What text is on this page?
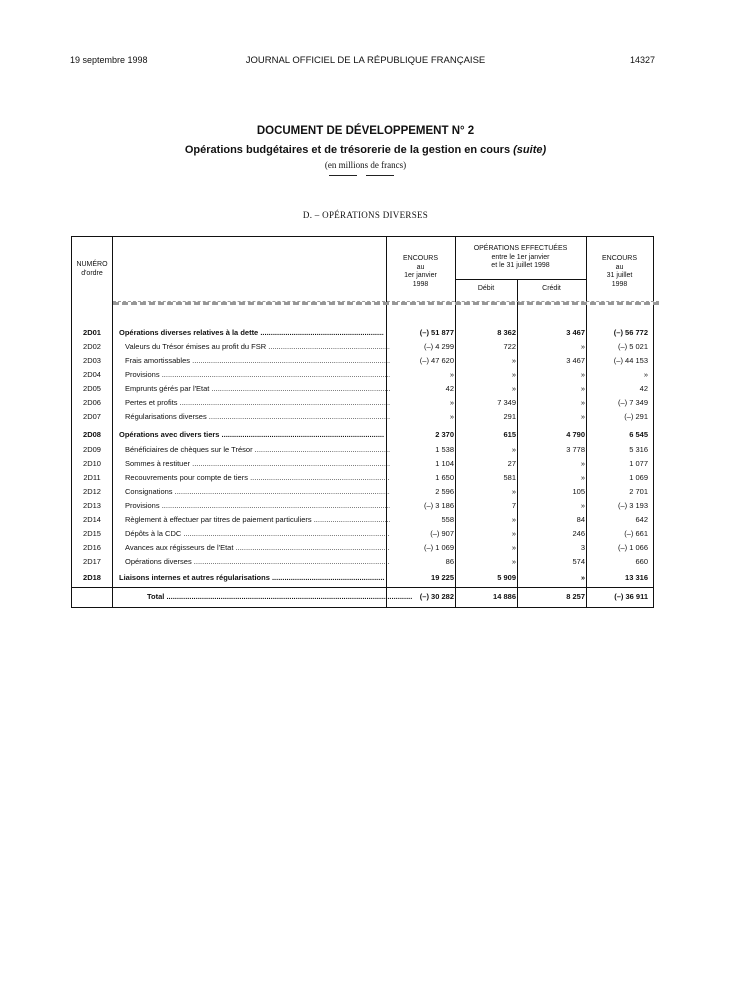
19 septembre 1998	JOURNAL OFFICIEL DE LA RÉPUBLIQUE FRANÇAISE	14327
DOCUMENT DE DÉVELOPPEMENT N° 2
Opérations budgétaires et de trésorerie de la gestion en cours (suite)
(en millions de francs)
D. – OPÉRATIONS DIVERSES
NUMÉRO
d'ordre
ENCOURS
au
1er janvier
1998
OPÉRATIONS EFFECTUÉES
entre le 1er janvier
et le 31 juillet 1998
Débit	Crédit
ENCOURS
au
31 juillet
1998
2D01	Opérations diverses relatives à la dette .....	(–) 51 877	8 362	3 467	(–) 56 772
2D02	Valeurs du Trésor émises au profit du FSR .....	(–) 4 299	722	»	(–) 5 021
2D03	Frais amortissables .....	(–) 47 620	»	3 467	(–) 44 153
2D04	Provisions .....	»	»	»	»
2D05	Emprunts gérés par l'Etat .....	42	»	»	42
2D06	Pertes et profits .....	»	7 349	»	(–) 7 349
2D07	Régularisations diverses .....	»	291	»	(–) 291
2D08	Opérations avec divers tiers .....	2 370	615	4 790	6 545
2D09	Bénéficiaires de chèques sur le Trésor .....	1 538	»	3 778	5 316
2D10	Sommes à restituer .....	1 104	27	»	1 077
2D11	Recouvrements pour compte de tiers .....	1 650	581	»	1 069
2D12	Consignations .....	2 596	»	105	2 701
2D13	Provisions .....	(–) 3 186	7	»	(–) 3 193
2D14	Règlement à effectuer par titres de paiement particuliers .....	558	»	84	642
2D15	Dépôts à la CDC .....	(–) 907	»	246	(–) 661
2D16	Avances aux régisseurs de l'Etat .....	(–) 1 069	»	3	(–) 1 066
2D17	Opérations diverses .....	86	»	574	660
2D18	Liaisons internes et autres régularisations .....	19 225	5 909	»	13 316
Total .....	(–) 30 282	14 886	8 257	(–) 36 911
